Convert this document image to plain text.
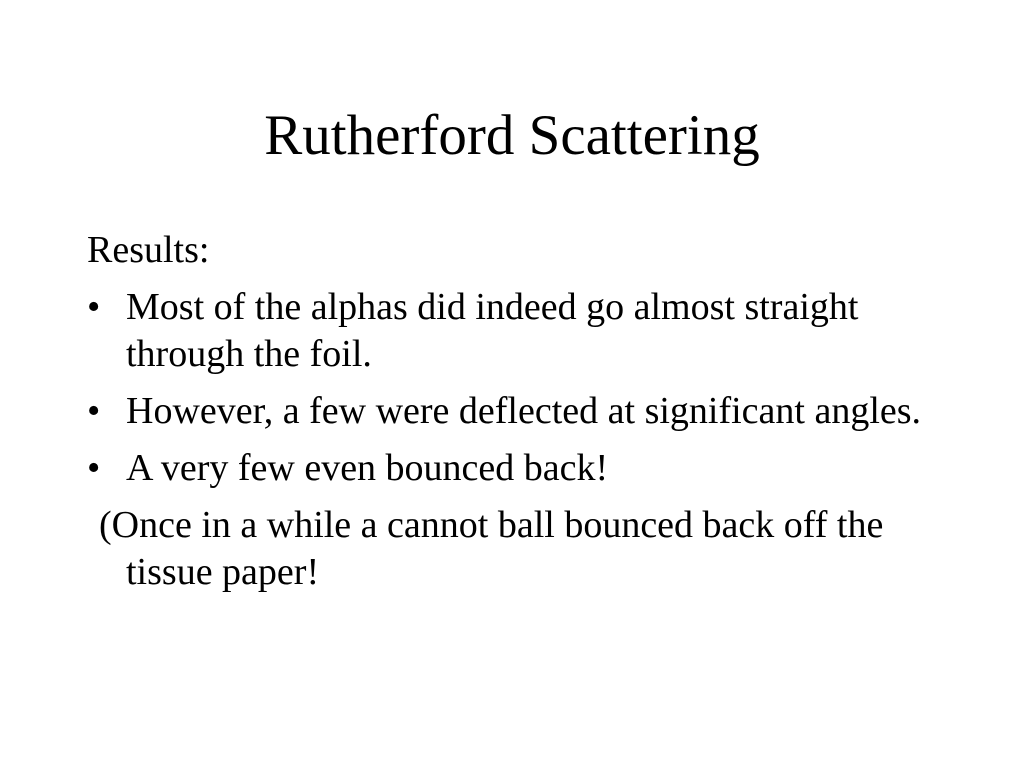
Rutherford Scattering

Results:

• Most of the alphas did indeed go almost straight through the foil.
• However, a few were deflected at significant angles.
• A very few even bounced back!

(Once in a while a cannot ball bounced back off the tissue paper!
